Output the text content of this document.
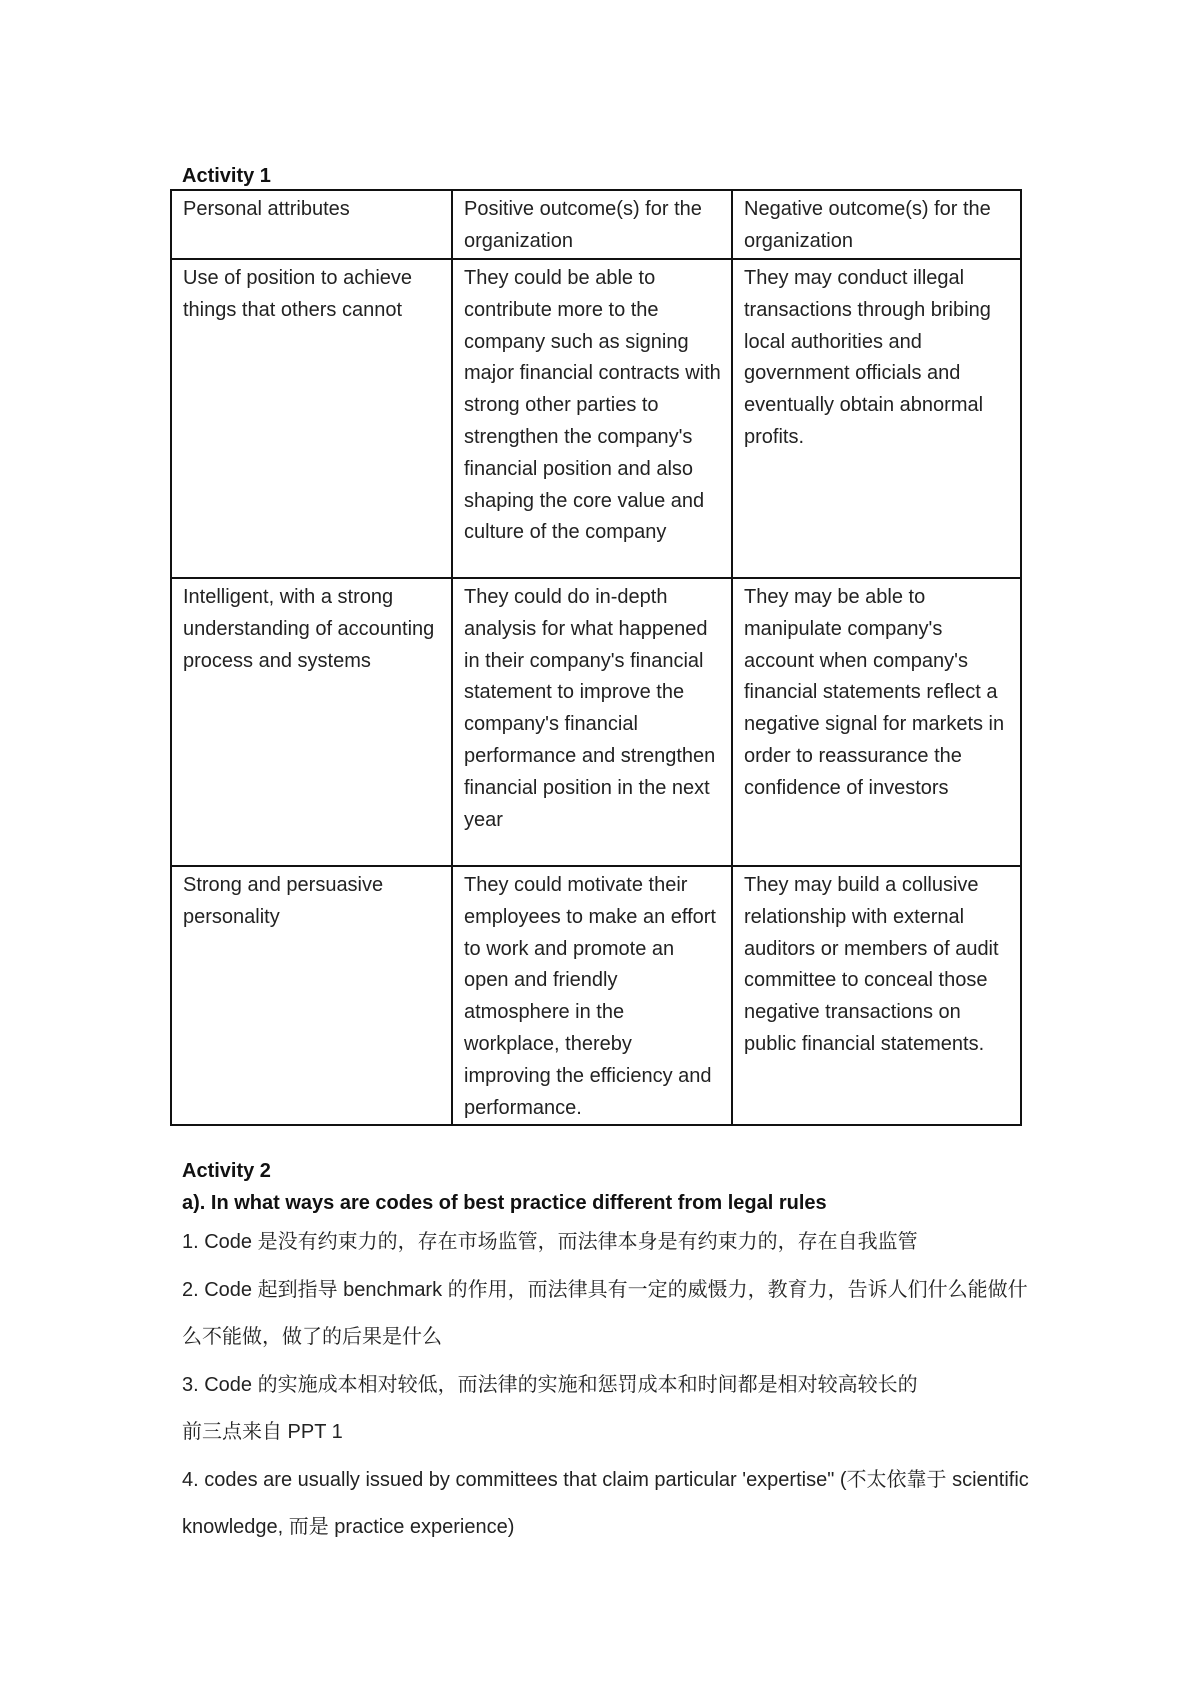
Activity 1
Personal attributes	Positive outcome(s) for the organization	Negative outcome(s) for the organization
Use of position to achieve things that others cannot	They could be able to contribute more to the company such as signing major financial contracts with strong other parties to strengthen the company's financial position and also shaping the core value and culture of the company	They may conduct illegal transactions through bribing local authorities and government officials and eventually obtain abnormal profits.
Intelligent, with a strong understanding of accounting process and systems	They could do in-depth analysis for what happened in their company's financial statement to improve the company's financial performance and strengthen financial position in the next year	They may be able to manipulate company's account when company's financial statements reflect a negative signal for markets in order to reassurance the confidence of investors
Strong and persuasive personality	They could motivate their employees to make an effort to work and promote an open and friendly atmosphere in the workplace, thereby improving the efficiency and performance.	They may build a collusive relationship with external auditors or members of audit committee to conceal those negative transactions on public financial statements.
Activity 2
a). In what ways are codes of best practice different from legal rules
1. Code 是没有约束力的，存在市场监管，而法律本身是有约束力的，存在自我监管
2. Code 起到指导 benchmark 的作用，而法律具有一定的威慑力，教育力，告诉人们什么能做什么不能做，做了的后果是什么
3. Code 的实施成本相对较低，而法律的实施和惩罚成本和时间都是相对较高较长的
前三点来自 PPT 1
4. codes are usually issued by committees that claim particular 'expertise" (不太依靠于 scientific knowledge, 而是 practice experience)
